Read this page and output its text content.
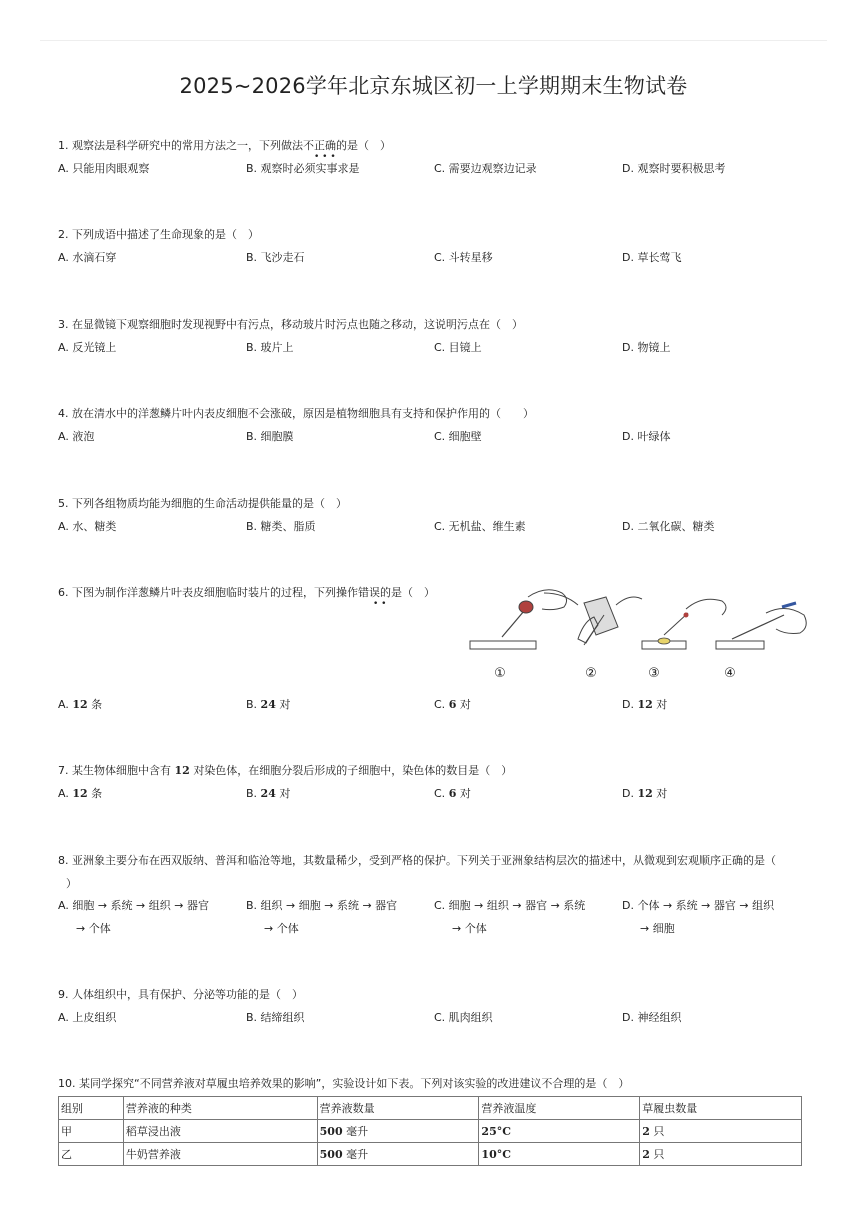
2025~2026学年北京东城区初一上学期期末生物试卷
1. 观察法是科学研究中的常用方法之一，下列做法不正确的是（　）
• • •
A. 只能用肉眼观察	B. 观察时必须实事求是	C. 需要边观察边记录	D. 观察时要积极思考
2. 下列成语中描述了生命现象的是（　）
A. 水滴石穿	B. 飞沙走石	C. 斗转星移	D. 草长莺飞
3. 在显微镜下观察细胞时发现视野中有污点，移动玻片时污点也随之移动，这说明污点在（　）
A. 反光镜上	B. 玻片上	C. 目镜上	D. 物镜上
4. 放在清水中的洋葱鳞片叶内表皮细胞不会涨破，原因是植物细胞具有支持和保护作用的（　　）
A. 液泡	B. 细胞膜	C. 细胞壁	D. 叶绿体
5. 下列各组物质均能为细胞的生命活动提供能量的是（　）
A. 水、糖类	B. 糖类、脂质	C. 无机盐、维生素	D. 二氧化碳、糖类
6. 下图为制作洋葱鳞片叶表皮细胞临时装片的过程，下列操作错误的是（　）
• •
①	②	③	④
A. 12 条	B. 24 对	C. 6 对	D. 12 对
7. 某生物体细胞中含有 12 对染色体，在细胞分裂后形成的子细胞中，染色体的数目是（　）
A. 12 条	B. 24 对	C. 6 对	D. 12 对
8. 亚洲象主要分布在西双版纳、普洱和临沧等地，其数量稀少，受到严格的保护。下列关于亚洲象结构层次的描述中，从微观到宏观顺序正确的是（
）
A. 细胞 → 系统 → 组织 → 器官
→ 个体
B. 组织 → 细胞 → 系统 → 器官
→ 个体
C. 细胞 → 组织 → 器官 → 系统
→ 个体
D. 个体 → 系统 → 器官 → 组织
→ 细胞
9. 人体组织中，具有保护、分泌等功能的是（　）
A. 上皮组织	B. 结缔组织	C. 肌肉组织	D. 神经组织
10. 某同学探究“不同营养液对草履虫培养效果的影响”，实验设计如下表。下列对该实验的改进建议不合理的是（　）
组别	营养液的种类	营养液数量	营养液温度	草履虫数量
甲	稻草浸出液	500 毫升	25°C	2 只
乙	牛奶营养液	500 毫升	10°C	2 只
